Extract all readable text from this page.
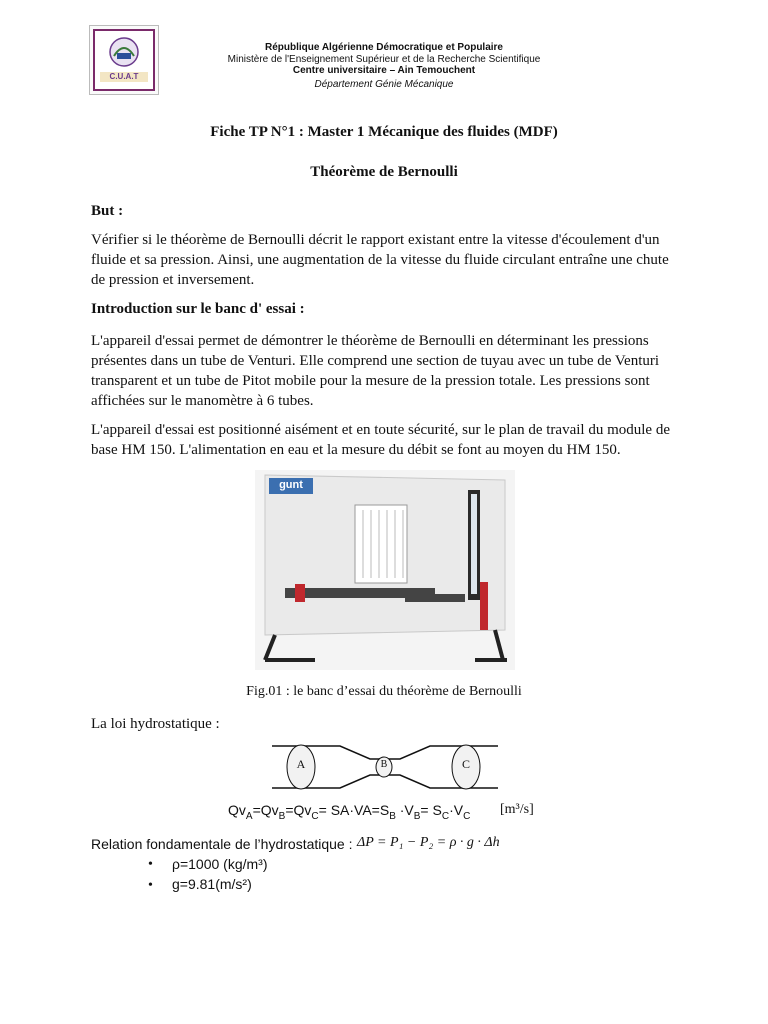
C.U.A.T
République Algérienne Démocratique et Populaire
Ministère de l'Enseignement Supérieur et de la Recherche Scientifique
Centre universitaire – Ain Temouchent
Département Génie Mécanique
Fiche TP N°1 : Master 1 Mécanique des fluides (MDF)
Théorème de Bernoulli
But :
Vérifier si le théorème de Bernoulli décrit le rapport existant entre la vitesse d'écoulement d'un fluide et sa pression. Ainsi, une augmentation de la vitesse du fluide circulant entraîne une chute de pression et inversement.
Introduction sur le banc d' essai :
L'appareil d'essai permet de démontrer le théorème de Bernoulli en déterminant les pressions présentes dans un tube de Venturi. Elle comprend une section de tuyau avec un tube de Venturi transparent et un tube de Pitot mobile pour la mesure de la pression totale. Les pressions sont affichées sur le manomètre à 6 tubes.
L'appareil d'essai est positionné aisément et en toute sécurité, sur le plan de travail du module de base HM 150. L'alimentation en eau et la mesure du débit se font au moyen du HM 150.
gunt
Fig.01 : le banc d’essai du théorème de Bernoulli
La loi hydrostatique :
A	B	C
$Qv_A=Qv_B=Qv_C= SA\cdot VA=S_B \cdot V_B= S_C\cdot V_C$ [m³/s]
Relation fondamentale de l’hydrostatique : ΔP = P₁ − P₂ = ρ · g · Δh
• ρ=1000 (kg/m³)
• g=9.81(m/s²)
